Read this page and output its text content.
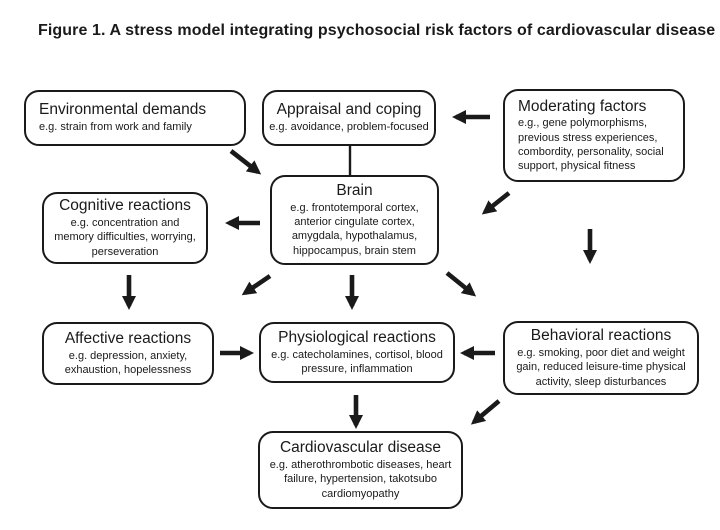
Figure 1. A stress model integrating psychosocial risk factors of cardiovascular disease
Environmental demands
e.g. strain from work and family
Appraisal and coping
e.g. avoidance, problem-focused
Moderating factors
e.g., gene polymorphisms, previous stress experiences, combordity, personality, social support, physical fitness
Brain
e.g. frontotemporal cortex, anterior cingulate cortex, amygdala, hypothalamus, hippocampus, brain stem
Cognitive reactions
e.g. concentration and memory difficulties, worrying, perseveration
Affective reactions
e.g. depression, anxiety, exhaustion, hopelessness
Physiological reactions
e.g. catecholamines, cortisol, blood pressure, inflammation
Behavioral reactions
e.g. smoking, poor diet and weight gain, reduced leisure-time physical activity, sleep disturbances
Cardiovascular disease
e.g. atherothrombotic diseases, heart failure, hypertension, takotsubo cardiomyopathy
